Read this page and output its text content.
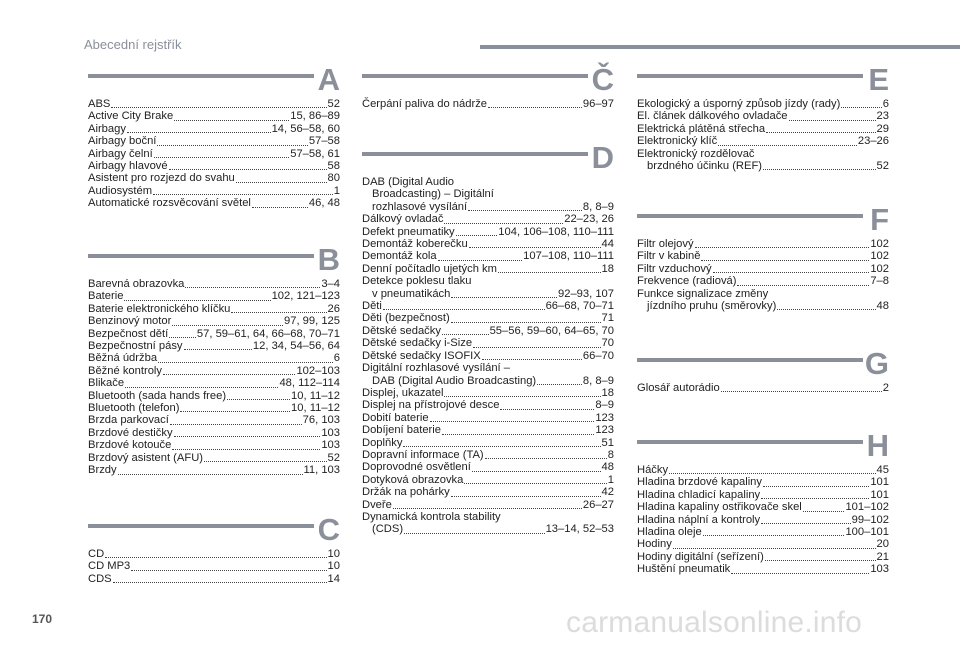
Abecední rejstřík
A
ABS	52
Active City Brake	15, 86–89
Airbagy	14, 56–58, 60
Airbagy boční	57–58
Airbagy čelní	57–58, 61
Airbagy hlavové	58
Asistent pro rozjezd do svahu	80
Audiosystém	1
Automatické rozsvěcování světel	46, 48
B
Barevná obrazovka	3–4
Baterie	102, 121–123
Baterie elektronického klíčku	26
Benzinový motor	97, 99, 125
Bezpečnost dětí	57, 59–61, 64, 66–68, 70–71
Bezpečnostní pásy	12, 34, 54–56, 64
Běžná údržba	6
Běžné kontroly	102–103
Blikače	48, 112–114
Bluetooth (sada hands free)	10, 11–12
Bluetooth (telefon)	10, 11–12
Brzda parkovací	76, 103
Brzdové destičky	103
Brzdové kotouče	103
Brzdový asistent (AFU)	52
Brzdy	11, 103
C
CD	10
CD MP3	10
CDS	14
Č
Čerpání paliva do nádrže	96–97
D
DAB (Digital Audio
Broadcasting) – Digitální
rozhlasové vysílání	8, 8–9
Dálkový ovladač	22–23, 26
Defekt pneumatiky	104, 106–108, 110–111
Demontáž koberečku	44
Demontáž kola	107–108, 110–111
Denní počítadlo ujetých km	18
Detekce poklesu tlaku
v pneumatikách	92–93, 107
Děti	66–68, 70–71
Děti (bezpečnost)	71
Dětské sedačky	55–56, 59–60, 64–65, 70
Dětské sedačky i-Size	70
Dětské sedačky ISOFIX	66–70
Digitální rozhlasové vysílání –
DAB (Digital Audio Broadcasting)	8, 8–9
Displej, ukazatel	18
Displej na přístrojové desce	8–9
Dobití baterie	123
Dobíjení baterie	123
Doplňky	51
Dopravní informace (TA)	8
Doprovodné osvětlení	48
Dotyková obrazovka	1
Držák na pohárky	42
Dveře	26–27
Dynamická kontrola stability
(CDS)	13–14, 52–53
E
Ekologický a úsporný způsob jízdy (rady)	6
El. článek dálkového ovladače	23
Elektrická plátěná střecha	29
Elektronický klíč	23–26
Elektronický rozdělovač
brzdného účinku (REF)	52
F
Filtr olejový	102
Filtr v kabině	102
Filtr vzduchový	102
Frekvence (radiová)	7–8
Funkce signalizace změny
jízdního pruhu (směrovky)	48
G
Glosář autorádio	2
H
Háčky	45
Hladina brzdové kapaliny	101
Hladina chladicí kapaliny	101
Hladina kapaliny ostřikovače skel	101–102
Hladina náplní a kontroly	99–102
Hladina oleje	100–101
Hodiny	20
Hodiny digitální (seřízení)	21
Huštění pneumatik	103
170	carmanualsonline.info
